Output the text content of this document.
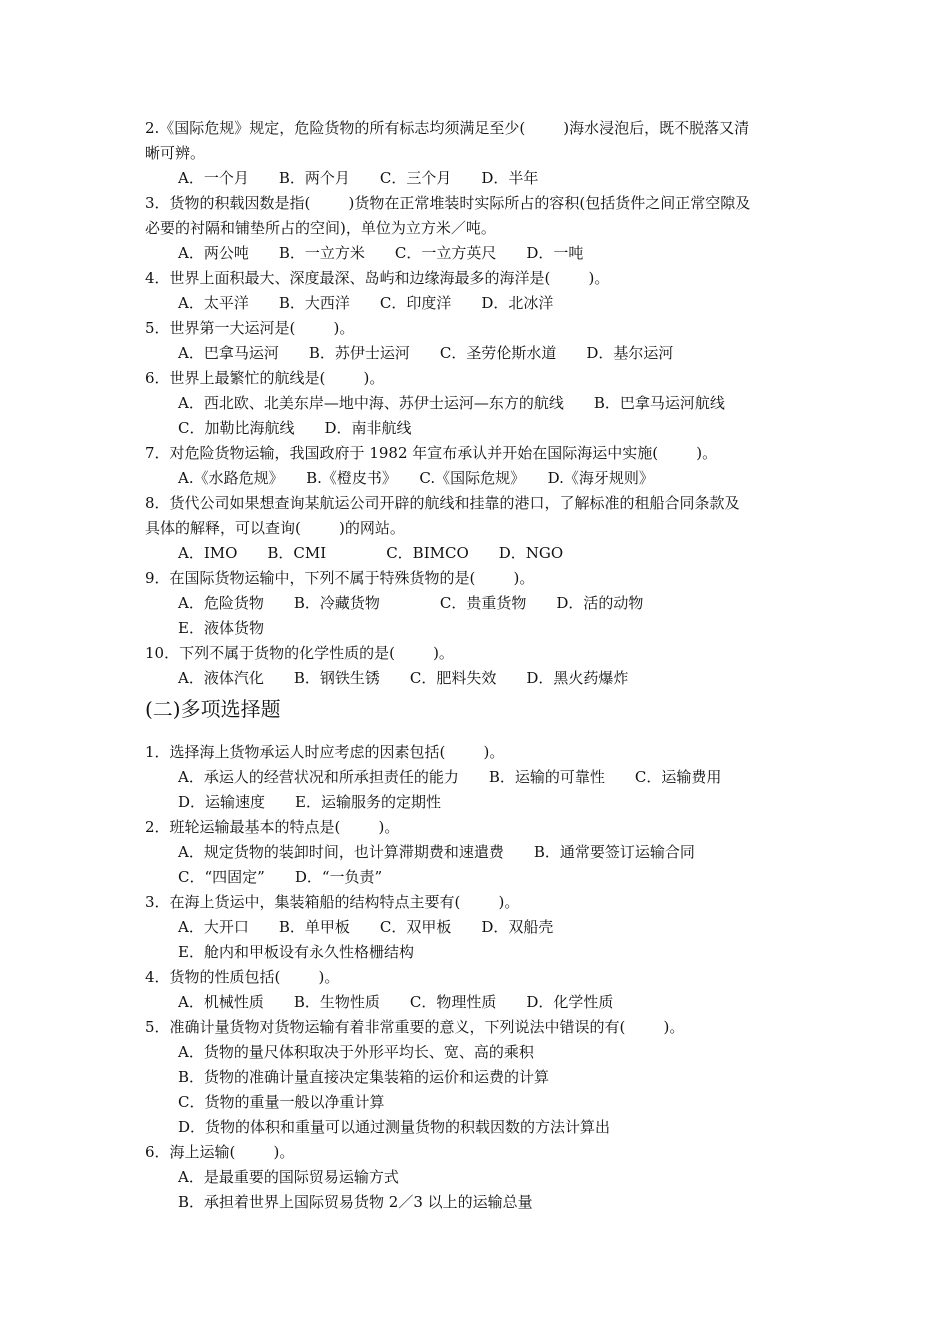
2.《国际危规》规定，危险货物的所有标志均须满足至少(        )海水浸泡后，既不脱落又清
晰可辨。
A．一个月　　B．两个月　　C．三个月　　D．半年
3．货物的积载因数是指(        )货物在正常堆装时实际所占的容积(包括货件之间正常空隙及
必要的衬隔和铺垫所占的空间)，单位为立方米／吨。
A．两公吨　　B．一立方米　　C．一立方英尺　　D．一吨
4．世界上面积最大、深度最深、岛屿和边缘海最多的海洋是(        )。
A．太平洋　　B．大西洋　　C．印度洋　　D．北冰洋
5．世界第一大运河是(        )。
A．巴拿马运河　　B．苏伊士运河　　C．圣劳伦斯水道　　D．基尔运河
6．世界上最繁忙的航线是(        )。
A．西北欧、北美东岸—地中海、苏伊士运河—东方的航线　　B．巴拿马运河航线
C．加勒比海航线　　D．南非航线
7．对危险货物运输，我国政府于 1982 年宣布承认并开始在国际海运中实施(        )。
A.《水路危规》　　B.《橙皮书》　　C.《国际危规》　　D.《海牙规则》
8．货代公司如果想查询某航运公司开辟的航线和挂靠的港口，了解标准的租船合同条款及
具体的解释，可以查询(        )的网站。
A．IMO　　B．CMI　　　　C．BIMCO　　D．NGO
9．在国际货物运输中，下列不属于特殊货物的是(        )。
A．危险货物　　B．冷藏货物　　　　C．贵重货物　　D．活的动物
E．液体货物
10．下列不属于货物的化学性质的是(        )。
A．液体汽化　　B．钢铁生锈　　C．肥料失效　　D．黑火药爆炸
(二)多项选择题
1．选择海上货物承运人时应考虑的因素包括(        )。
A．承运人的经营状况和所承担责任的能力　　B．运输的可靠性　　C．运输费用
D．运输速度　　E．运输服务的定期性
2．班轮运输最基本的特点是(        )。
A．规定货物的装卸时间，也计算滞期费和速遣费　　B．通常要签订运输合同
C．“四固定”　　D．“一负责”
3．在海上货运中，集装箱船的结构特点主要有(        )。
A．大开口　　B．单甲板　　C．双甲板　　D．双船壳
E．舱内和甲板设有永久性格栅结构
4．货物的性质包括(        )。
A．机械性质　　B．生物性质　　C．物理性质　　D．化学性质
5．准确计量货物对货物运输有着非常重要的意义，下列说法中错误的有(        )。
A．货物的量尺体积取决于外形平均长、宽、高的乘积
B．货物的准确计量直接决定集装箱的运价和运费的计算
C．货物的重量一般以净重计算
D．货物的体积和重量可以通过测量货物的积载因数的方法计算出
6．海上运输(        )。
A．是最重要的国际贸易运输方式
B．承担着世界上国际贸易货物 2／3 以上的运输总量
